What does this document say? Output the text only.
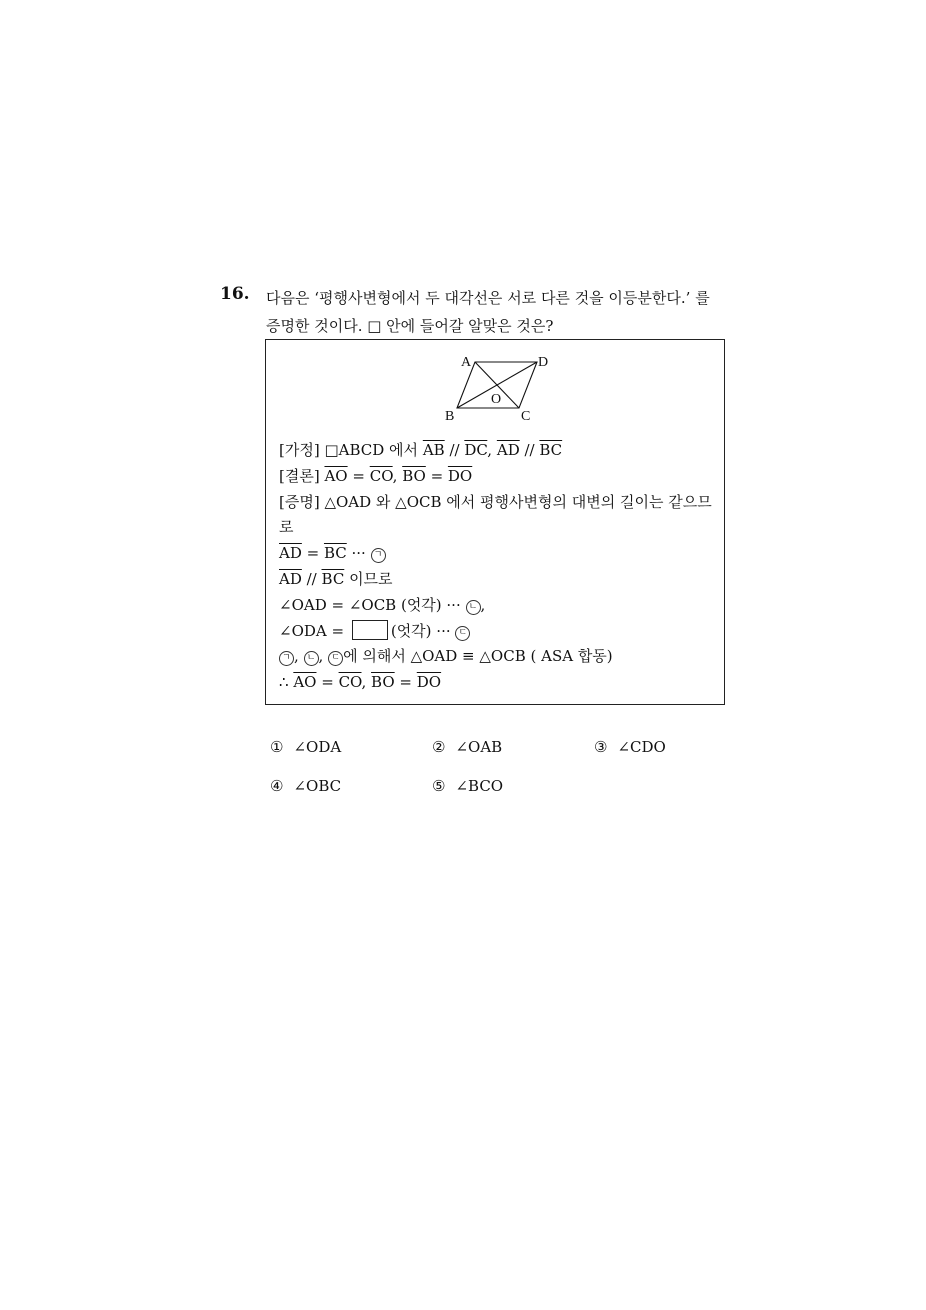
16. 다음은 ‘평행사변형에서 두 대각선은 서로 다른 것을 이등분한다.’ 를
증명한 것이다. □ 안에 들어갈 알맞은 것은?
A	D
B	C
O
[가정] □ABCD 에서 $\overline{AB} // \overline{DC}$, $\overline{AD} // \overline{BC}$
[결론] $\overline{AO} = \overline{CO}$, $\overline{BO} = \overline{DO}$
[증명] △OAD 와 △OCB 에서 평행사변형의 대변의 길이는 같으므
로
$\overline{AD} = \overline{BC}$ ··· ㄱ
$\overline{AD} // \overline{BC}$ 이므로
∠OAD = ∠OCB (엇각) ··· ㄴ ,
∠ODA =	(엇각) ··· ㄷ
ㄱ , ㄴ , ㄷ 에 의해서 △OAD ≡ △OCB ( ASA 합동)
∴ $\overline{AO} = \overline{CO}$, $\overline{BO} = \overline{DO}$
① ∠ODA	② ∠OAB	③ ∠CDO
④ ∠OBC	⑤ ∠BCO
